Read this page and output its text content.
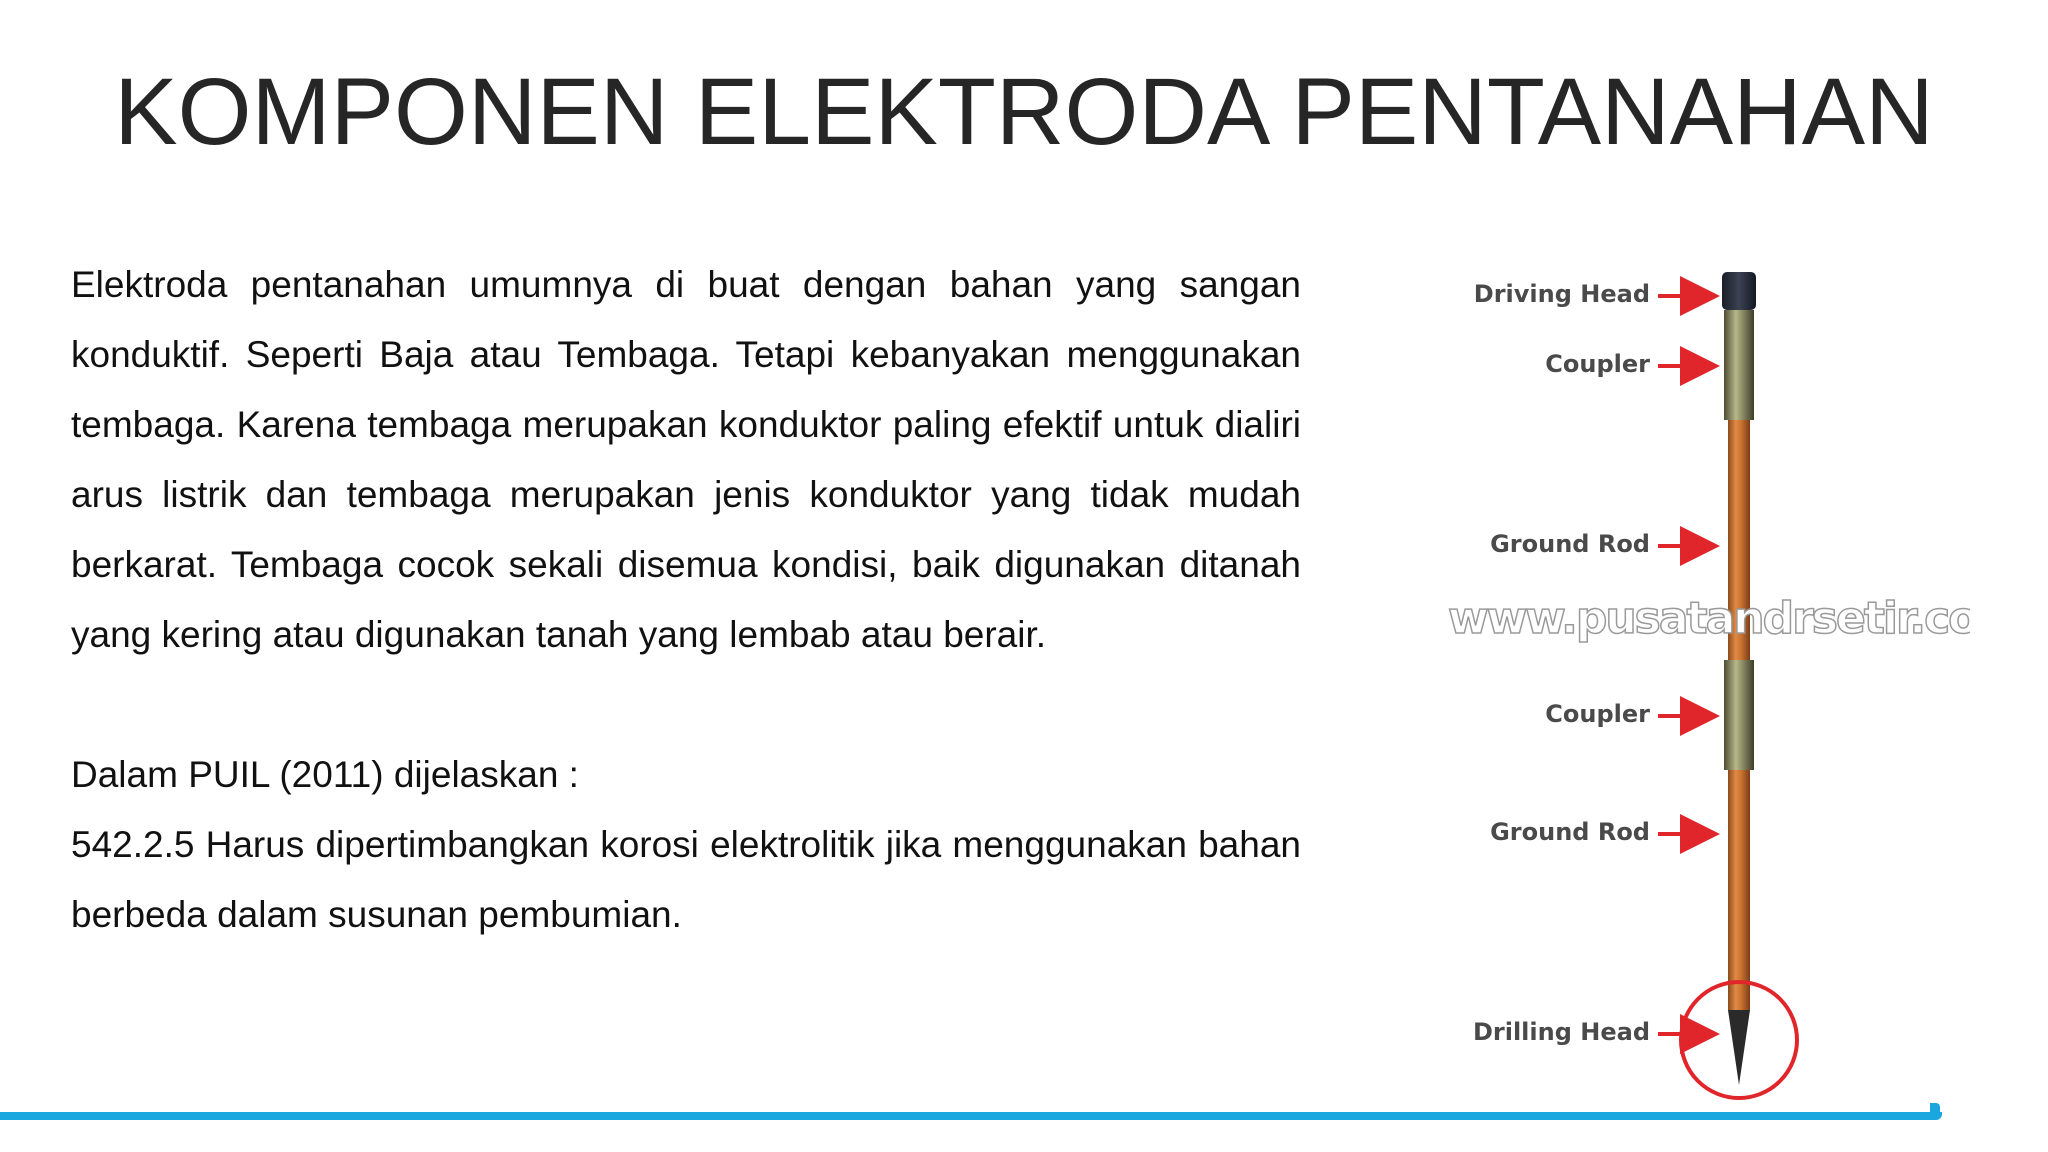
KOMPONEN ELEKTRODA PENTANAHAN

Elektroda pentanahan umumnya di buat dengan bahan yang sangan konduktif. Seperti Baja atau Tembaga. Tetapi kebanyakan menggunakan tembaga. Karena tembaga merupakan konduktor paling efektif untuk dialiri arus listrik dan tembaga merupakan jenis konduktor yang tidak mudah berkarat. Tembaga cocok sekali disemua kondisi, baik digunakan ditanah yang kering atau digunakan tanah yang lembab atau berair.

Dalam PUIL (2011) dijelaskan :

542.2.5 Harus dipertimbangkan korosi elektrolitik jika menggunakan bahan berbeda dalam susunan pembumian.

Driving Head
Coupler
Ground Rod
www.pusatandrsetir.com
Coupler
Ground Rod
Drilling Head
